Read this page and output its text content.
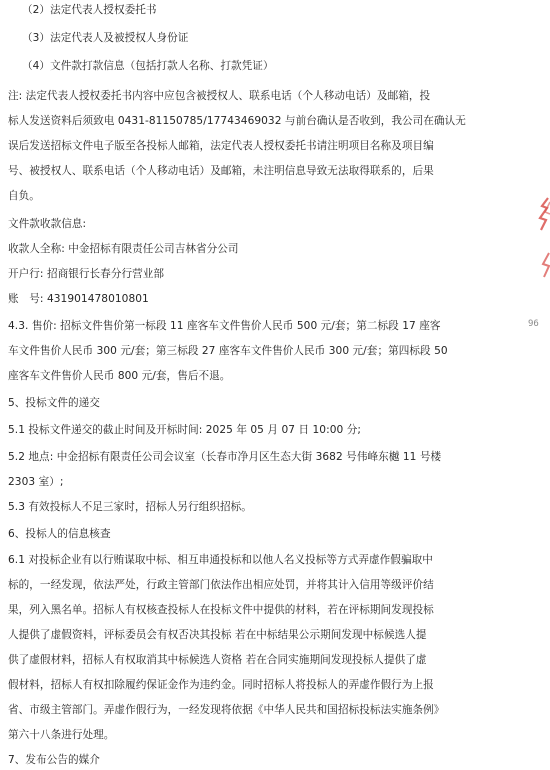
（2）法定代表人授权委托书
（3）法定代表人及被授权人身份证
（4）文件款打款信息（包括打款人名称、打款凭证）
注: 法定代表人授权委托书内容中应包含被授权人、联系电话（个人移动电话）及邮箱，投
标人发送资料后须致电 0431-81150785/17743469032 与前台确认是否收到，我公司在确认无
误后发送招标文件电子版至各投标人邮箱，法定代表人授权委托书请注明项目名称及项目编
号、被授权人、联系电话（个人移动电话）及邮箱，未注明信息导致无法取得联系的，后果
自负。
文件款收款信息:
收款人全称: 中金招标有限责任公司吉林省分公司
开户行: 招商银行长春分行营业部
账　号: 431901478010801
4.3. 售价: 招标文件售价第一标段 11 座客车文件售价人民币 500 元/套；第二标段 17 座客
车文件售价人民币 300 元/套；第三标段 27 座客车文件售价人民币 300 元/套；第四标段 50
座客车文件售价人民币 800 元/套，售后不退。
5、投标文件的递交
5.1 投标文件递交的截止时间及开标时间: 2025 年 05 月 07 日 10:00 分;
5.2 地点: 中金招标有限责任公司会议室（长春市净月区生态大街 3682 号伟峰东樾 11 号楼
2303 室）;
5.3 有效投标人不足三家时，招标人另行组织招标。
6、投标人的信息核查
6.1 对投标企业有以行贿谋取中标、相互串通投标和以他人名义投标等方式弄虚作假骗取中
标的，一经发现，依法严处，行政主管部门依法作出相应处罚，并将其计入信用等级评价结
果，列入黑名单。招标人有权核查投标人在投标文件中提供的材料，若在评标期间发现投标
人提供了虚假资料，评标委员会有权否决其投标 若在中标结果公示期间发现中标候选人提
供了虚假材料，招标人有权取消其中标候选人资格 若在合同实施期间发现投标人提供了虚
假材料，招标人有权扣除履约保证金作为违约金。同时招标人将投标人的弄虚作假行为上报
省、市级主管部门。弄虚作假行为，一经发现将依据《中华人民共和国招标投标法实施条例》
第六十八条进行处理。
7、发布公告的媒介
96
